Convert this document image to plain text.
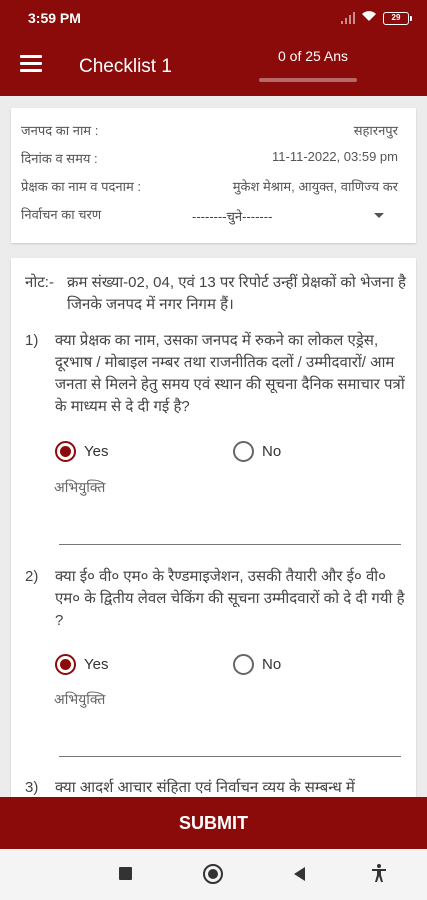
3:59 PM	29
Checklist 1	0 of 25 Ans
जनपद का नाम :	सहारनपुर
दिनांक व समय :	11-11-2022, 03:59 pm
प्रेक्षक का नाम व पदनाम :	मुकेश मेश्राम, आयुक्त, वाणिज्य कर
निर्वाचन का चरण	--------चुने-------
नोट:- क्रम संख्या-02, 04, एवं 13 पर रिपोर्ट उन्हीं प्रेक्षकों को भेजना है जिनके जनपद में नगर निगम हैं।
1) क्या प्रेक्षक का नाम, उसका जनपद में रुकने का लोकल एड्रेस, दूरभाष / मोबाइल नम्बर तथा राजनीतिक दलों / उम्मीदवारों/ आम जनता से मिलने हेतु समय एवं स्थान की सूचना दैनिक समाचार पत्रों के माध्यम से दे दी गई है?
Yes	No
अभियुक्ति
2) क्या ई० वी० एम० के रैण्डमाइजेशन, उसकी तैयारी और ई० वी० एम० के द्वितीय लेवल चेकिंग की सूचना उम्मीदवारों को दे दी गयी है ?
Yes	No
अभियुक्ति
3) क्या आदर्श आचार संहिता एवं निर्वाचन व्यय के सम्बन्ध में
SUBMIT
